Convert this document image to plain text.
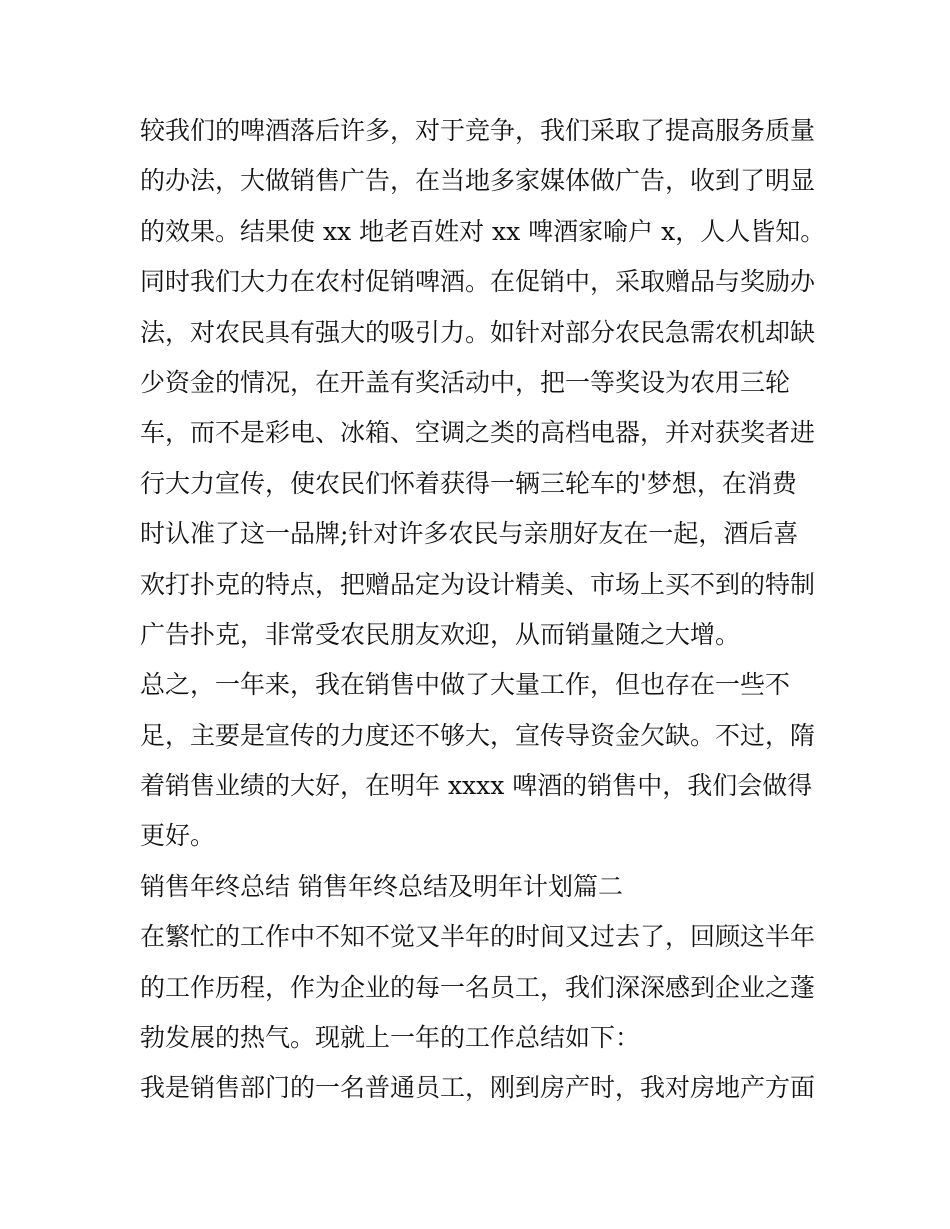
较我们的啤酒落后许多，对于竞争，我们采取了提高服务质量
的办法，大做销售广告，在当地多家媒体做广告，收到了明显
的效果。结果使 xx 地老百姓对 xx 啤酒家喻户 x，人人皆知。
同时我们大力在农村促销啤酒。在促销中，采取赠品与奖励办
法，对农民具有强大的吸引力。如针对部分农民急需农机却缺
少资金的情况，在开盖有奖活动中，把一等奖设为农用三轮
车，而不是彩电、冰箱、空调之类的高档电器，并对获奖者进
行大力宣传，使农民们怀着获得一辆三轮车的'梦想，在消费
时认准了这一品牌;针对许多农民与亲朋好友在一起，酒后喜
欢打扑克的特点，把赠品定为设计精美、市场上买不到的特制
广告扑克，非常受农民朋友欢迎，从而销量随之大增。
总之，一年来，我在销售中做了大量工作，但也存在一些不
足，主要是宣传的力度还不够大，宣传导资金欠缺。不过，隋
着销售业绩的大好，在明年 xxxx 啤酒的销售中，我们会做得
更好。
销售年终总结 销售年终总结及明年计划篇二
在繁忙的工作中不知不觉又半年的时间又过去了，回顾这半年
的工作历程，作为企业的每一名员工，我们深深感到企业之蓬
勃发展的热气。现就上一年的工作总结如下：
我是销售部门的一名普通员工，刚到房产时，我对房地产方面
